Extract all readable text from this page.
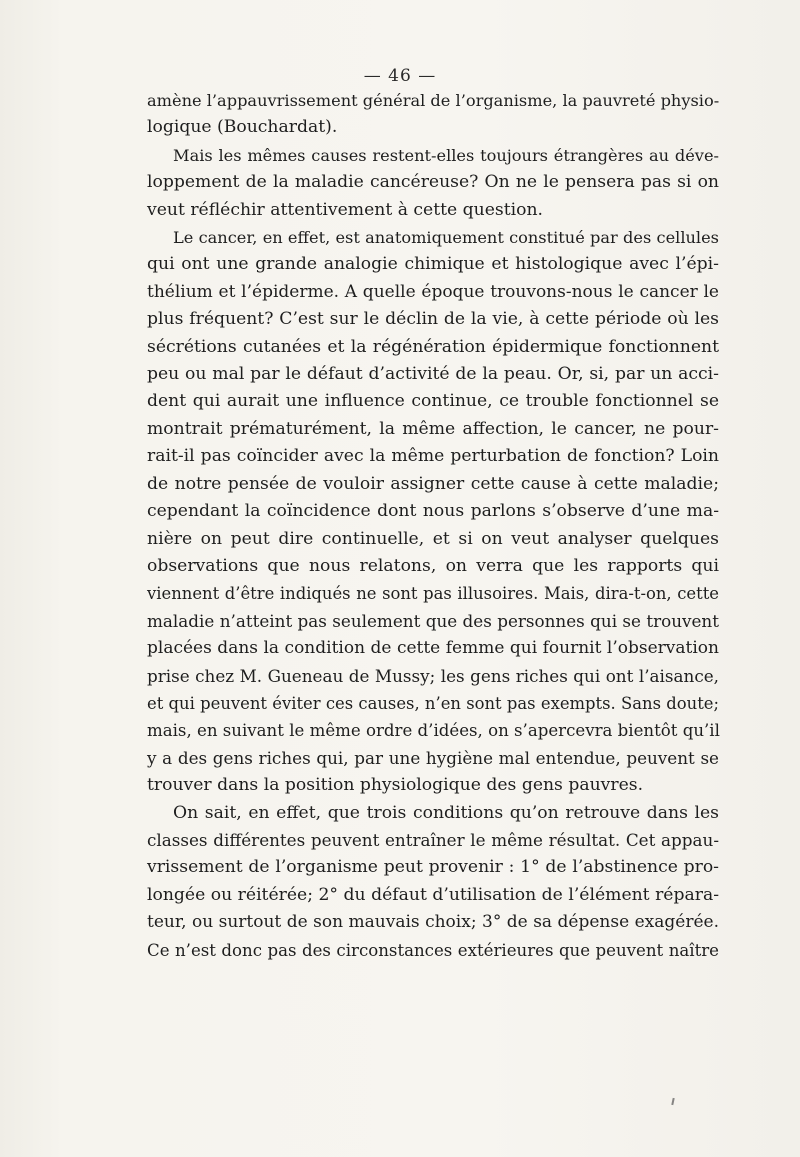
— 46 —
amène l’appauvrissement général de l’organisme, la pauvreté physio-
logique (Bouchardat).
Mais les mêmes causes restent-elles toujours étrangères au déve-
loppement de la maladie cancéreuse? On ne le pensera pas si on
veut réfléchir attentivement à cette question.
Le cancer, en effet, est anatomiquement constitué par des cellules
qui ont une grande analogie chimique et histologique avec l’épi-
thélium et l’épiderme. A quelle époque trouvons-nous le cancer le
plus fréquent? C’est sur le déclin de la vie, à cette période où les
sécrétions cutanées et la régénération épidermique fonctionnent
peu ou mal par le défaut d’activité de la peau. Or, si, par un acci-
dent qui aurait une influence continue, ce trouble fonctionnel se
montrait prématurément, la même affection, le cancer, ne pour-
rait-il pas coïncider avec la même perturbation de fonction? Loin
de notre pensée de vouloir assigner cette cause à cette maladie;
cependant la coïncidence dont nous parlons s’observe d’une ma-
nière on peut dire continuelle, et si on veut analyser quelques
observations que nous relatons, on verra que les rapports qui
viennent d’être indiqués ne sont pas illusoires. Mais, dira-t-on, cette
maladie n’atteint pas seulement que des personnes qui se trouvent
placées dans la condition de cette femme qui fournit l’observation
prise chez M. Gueneau de Mussy; les gens riches qui ont l’aisance,
et qui peuvent éviter ces causes, n’en sont pas exempts. Sans doute;
mais, en suivant le même ordre d’idées, on s’apercevra bientôt qu’il
y a des gens riches qui, par une hygiène mal entendue, peuvent se
trouver dans la position physiologique des gens pauvres.
On sait, en effet, que trois conditions qu’on retrouve dans les
classes différentes peuvent entraîner le même résultat. Cet appau-
vrissement de l’organisme peut provenir : 1° de l’abstinence pro-
longée ou réitérée; 2° du défaut d’utilisation de l’élément répara-
teur, ou surtout de son mauvais choix; 3° de sa dépense exagérée.
Ce n’est donc pas des circonstances extérieures que peuvent naître
